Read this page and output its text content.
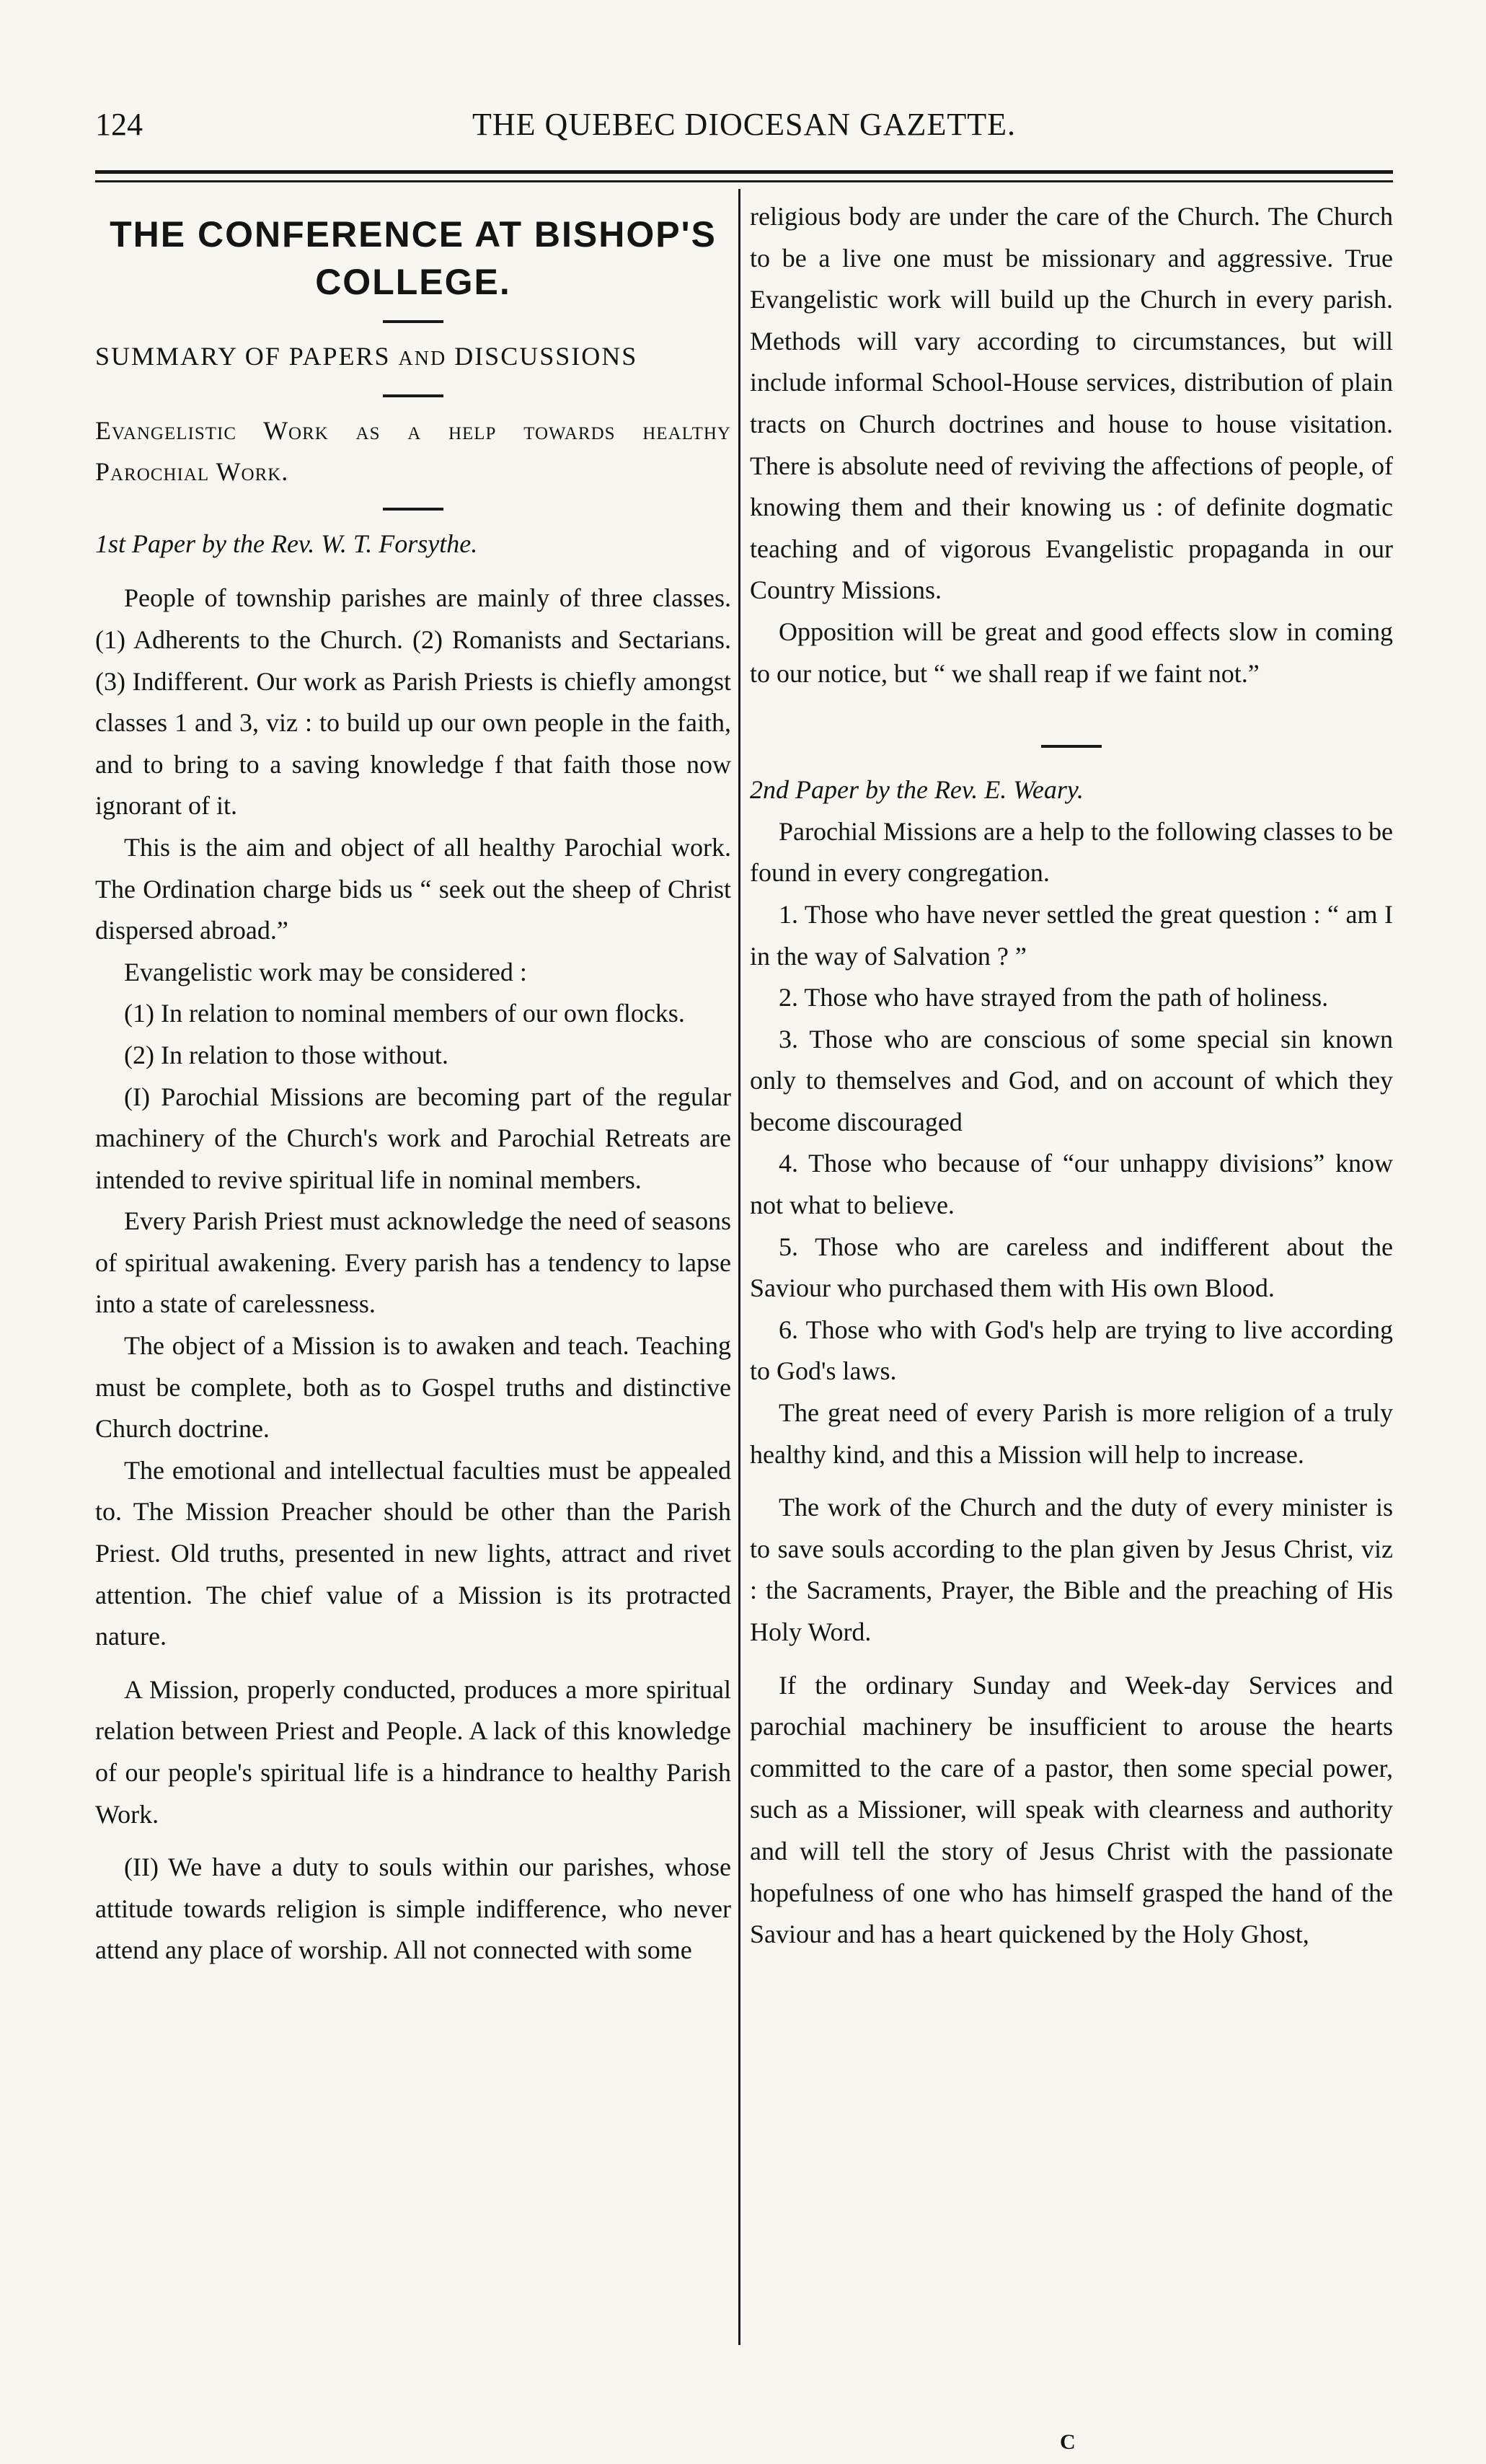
124	THE QUEBEC DIOCESAN GAZETTE.
THE CONFERENCE AT BISHOP'S COLLEGE.

SUMMARY OF PAPERS AND DISCUSSIONS

Evangelistic Work as a help towards healthy Parochial Work.

1st Paper by the Rev. W. T. Forsythe.

People of township parishes are mainly of three classes. (1) Adherents to the Church. (2) Romanists and Sectarians. (3) Indifferent. Our work as Parish Priests is chiefly amongst classes 1 and 3, viz : to build up our own people in the faith, and to bring to a saving knowledge f that faith those now ignorant of it.

This is the aim and object of all healthy Parochial work. The Ordination charge bids us “ seek out the sheep of Christ dispersed abroad.”

Evangelistic work may be considered :

(1) In relation to nominal members of our own flocks.

(2) In relation to those without.

(I) Parochial Missions are becoming part of the regular machinery of the Church's work and Parochial Retreats are intended to revive spiritual life in nominal members.

Every Parish Priest must acknowledge the need of seasons of spiritual awakening. Every parish has a tendency to lapse into a state of carelessness.

The object of a Mission is to awaken and teach. Teaching must be complete, both as to Gospel truths and distinctive Church doctrine.

The emotional and intellectual faculties must be appealed to. The Mission Preacher should be other than the Parish Priest. Old truths, presented in new lights, attract and rivet attention. The chief value of a Mission is its protracted nature.

A Mission, properly conducted, produces a more spiritual relation between Priest and People. A lack of this knowledge of our people's spiritual life is a hindrance to healthy Parish Work.

(II) We have a duty to souls within our parishes, whose attitude towards religion is simple indifference, who never attend any place of worship. All not connected with some

religious body are under the care of the Church. The Church to be a live one must be missionary and aggressive. True Evangelistic work will build up the Church in every parish. Methods will vary according to circumstances, but will include informal School-House services, distribution of plain tracts on Church doctrines and house to house visitation. There is absolute need of reviving the affections of people, of knowing them and their knowing us : of definite dogmatic teaching and of vigorous Evangelistic propaganda in our Country Missions.

Opposition will be great and good effects slow in coming to our notice, but “ we shall reap if we faint not.”

2nd Paper by the Rev. E. Weary.

Parochial Missions are a help to the following classes to be found in every congregation.

1. Those who have never settled the great question : “ am I in the way of Salvation ? ”

2. Those who have strayed from the path of holiness.

3. Those who are conscious of some special sin known only to themselves and God, and on account of which they become discouraged

4. Those who because of “our unhappy divisions” know not what to believe.

5. Those who are careless and indifferent about the Saviour who purchased them with His own Blood.

6. Those who with God's help are trying to live according to God's laws.

The great need of every Parish is more religion of a truly healthy kind, and this a Mission will help to increase.

The work of the Church and the duty of every minister is to save souls according to the plan given by Jesus Christ, viz : the Sacraments, Prayer, the Bible and the preaching of His Holy Word.

If the ordinary Sunday and Week-day Services and parochial machinery be insufficient to arouse the hearts committed to the care of a pastor, then some special power, such as a Missioner, will speak with clearness and authority and will tell the story of Jesus Christ with the passionate hopefulness of one who has himself grasped the hand of the Saviour and has a heart quickened by the Holy Ghost,

C
